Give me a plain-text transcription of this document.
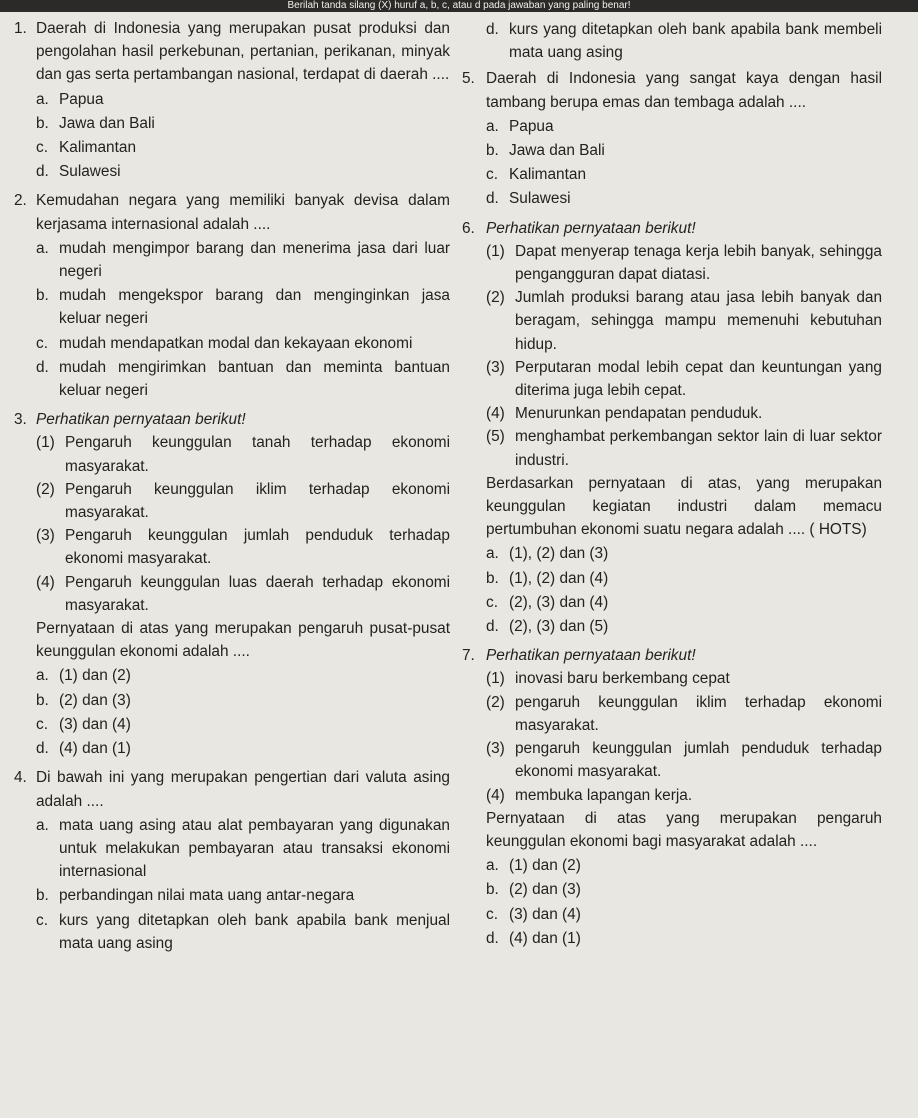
Berilah tanda silang (X) huruf a, b, c, atau d pada jawaban yang paling benar!
1. Daerah di Indonesia yang merupakan pusat produksi dan pengolahan hasil perkebunan, pertanian, perikanan, minyak dan gas serta pertambangan nasional, terdapat di daerah ....
a. Papua
b. Jawa dan Bali
c. Kalimantan
d. Sulawesi
2. Kemudahan negara yang memiliki banyak devisa dalam kerjasama internasional adalah ....
a. mudah mengimpor barang dan menerima jasa dari luar negeri
b. mudah mengekspor barang dan menginginkan jasa keluar negeri
c. mudah mendapatkan modal dan kekayaan ekonomi
d. mudah mengirimkan bantuan dan meminta bantuan keluar negeri
3. Perhatikan pernyataan berikut!
(1) Pengaruh keunggulan tanah terhadap ekonomi masyarakat.
(2) Pengaruh keunggulan iklim terhadap ekonomi masyarakat.
(3) Pengaruh keunggulan jumlah penduduk terhadap ekonomi masyarakat.
(4) Pengaruh keunggulan luas daerah terhadap ekonomi masyarakat.
Pernyataan di atas yang merupakan pengaruh pusat-pusat keunggulan ekonomi adalah ....
a. (1) dan (2)
b. (2) dan (3)
c. (3) dan (4)
d. (4) dan (1)
4. Di bawah ini yang merupakan pengertian dari valuta asing adalah ....
a. mata uang asing atau alat pembayaran yang digunakan untuk melakukan pembayaran atau transaksi ekonomi internasional
b. perbandingan nilai mata uang antar-negara
c. kurs yang ditetapkan oleh bank apabila bank menjual mata uang asing
d. kurs yang ditetapkan oleh bank apabila bank membeli mata uang asing
5. Daerah di Indonesia yang sangat kaya dengan hasil tambang berupa emas dan tembaga adalah ....
a. Papua
b. Jawa dan Bali
c. Kalimantan
d. Sulawesi
6. Perhatikan pernyataan berikut!
(1) Dapat menyerap tenaga kerja lebih banyak, sehingga pengangguran dapat diatasi.
(2) Jumlah produksi barang atau jasa lebih banyak dan beragam, sehingga mampu memenuhi kebutuhan hidup.
(3) Perputaran modal lebih cepat dan keuntungan yang diterima juga lebih cepat.
(4) Menurunkan pendapatan penduduk.
(5) menghambat perkembangan sektor lain di luar sektor industri.
Berdasarkan pernyataan di atas, yang merupakan keunggulan kegiatan industri dalam memacu pertumbuhan ekonomi suatu negara adalah .... ( HOTS)
a. (1), (2) dan (3)
b. (1), (2) dan (4)
c. (2), (3) dan (4)
d. (2), (3) dan (5)
7. Perhatikan pernyataan berikut!
(1) inovasi baru berkembang cepat
(2) pengaruh keunggulan iklim terhadap ekonomi masyarakat.
(3) pengaruh keunggulan jumlah penduduk terhadap ekonomi masyarakat.
(4) membuka lapangan kerja.
Pernyataan di atas yang merupakan pengaruh keunggulan ekonomi bagi masyarakat adalah ....
a. (1) dan (2)
b. (2) dan (3)
c. (3) dan (4)
d. (4) dan (1)
